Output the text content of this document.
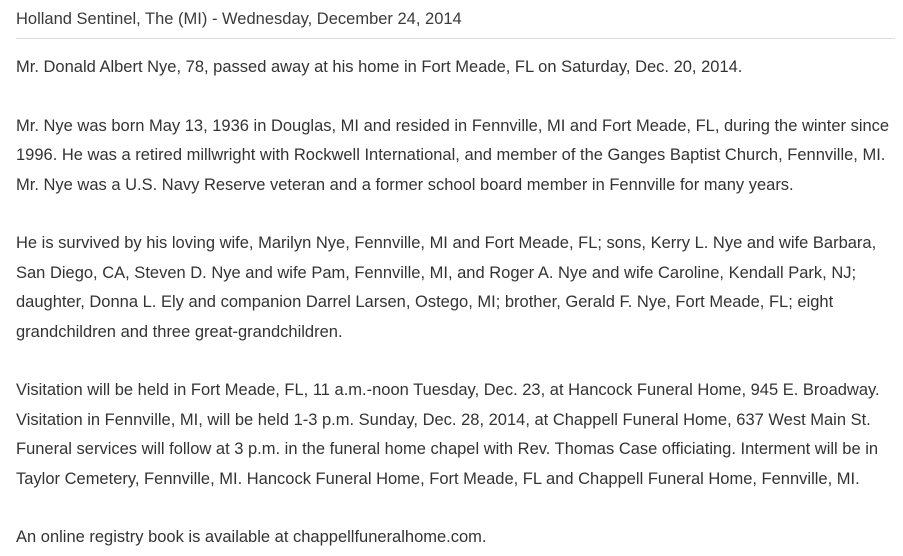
Holland Sentinel, The (MI) - Wednesday, December 24, 2014

Mr. Donald Albert Nye, 78, passed away at his home in Fort Meade, FL on Saturday, Dec. 20, 2014.

Mr. Nye was born May 13, 1936 in Douglas, MI and resided in Fennville, MI and Fort Meade, FL, during the winter since 1996. He was a retired millwright with Rockwell International, and member of the Ganges Baptist Church, Fennville, MI. Mr. Nye was a U.S. Navy Reserve veteran and a former school board member in Fennville for many years.

He is survived by his loving wife, Marilyn Nye, Fennville, MI and Fort Meade, FL; sons, Kerry L. Nye and wife Barbara, San Diego, CA, Steven D. Nye and wife Pam, Fennville, MI, and Roger A. Nye and wife Caroline, Kendall Park, NJ; daughter, Donna L. Ely and companion Darrel Larsen, Ostego, MI; brother, Gerald F. Nye, Fort Meade, FL; eight grandchildren and three great-grandchildren.

Visitation will be held in Fort Meade, FL, 11 a.m.-noon Tuesday, Dec. 23, at Hancock Funeral Home, 945 E. Broadway. Visitation in Fennville, MI, will be held 1-3 p.m. Sunday, Dec. 28, 2014, at Chappell Funeral Home, 637 West Main St. Funeral services will follow at 3 p.m. in the funeral home chapel with Rev. Thomas Case officiating. Interment will be in Taylor Cemetery, Fennville, MI. Hancock Funeral Home, Fort Meade, FL and Chappell Funeral Home, Fennville, MI.

An online registry book is available at chappellfuneralhome.com.
